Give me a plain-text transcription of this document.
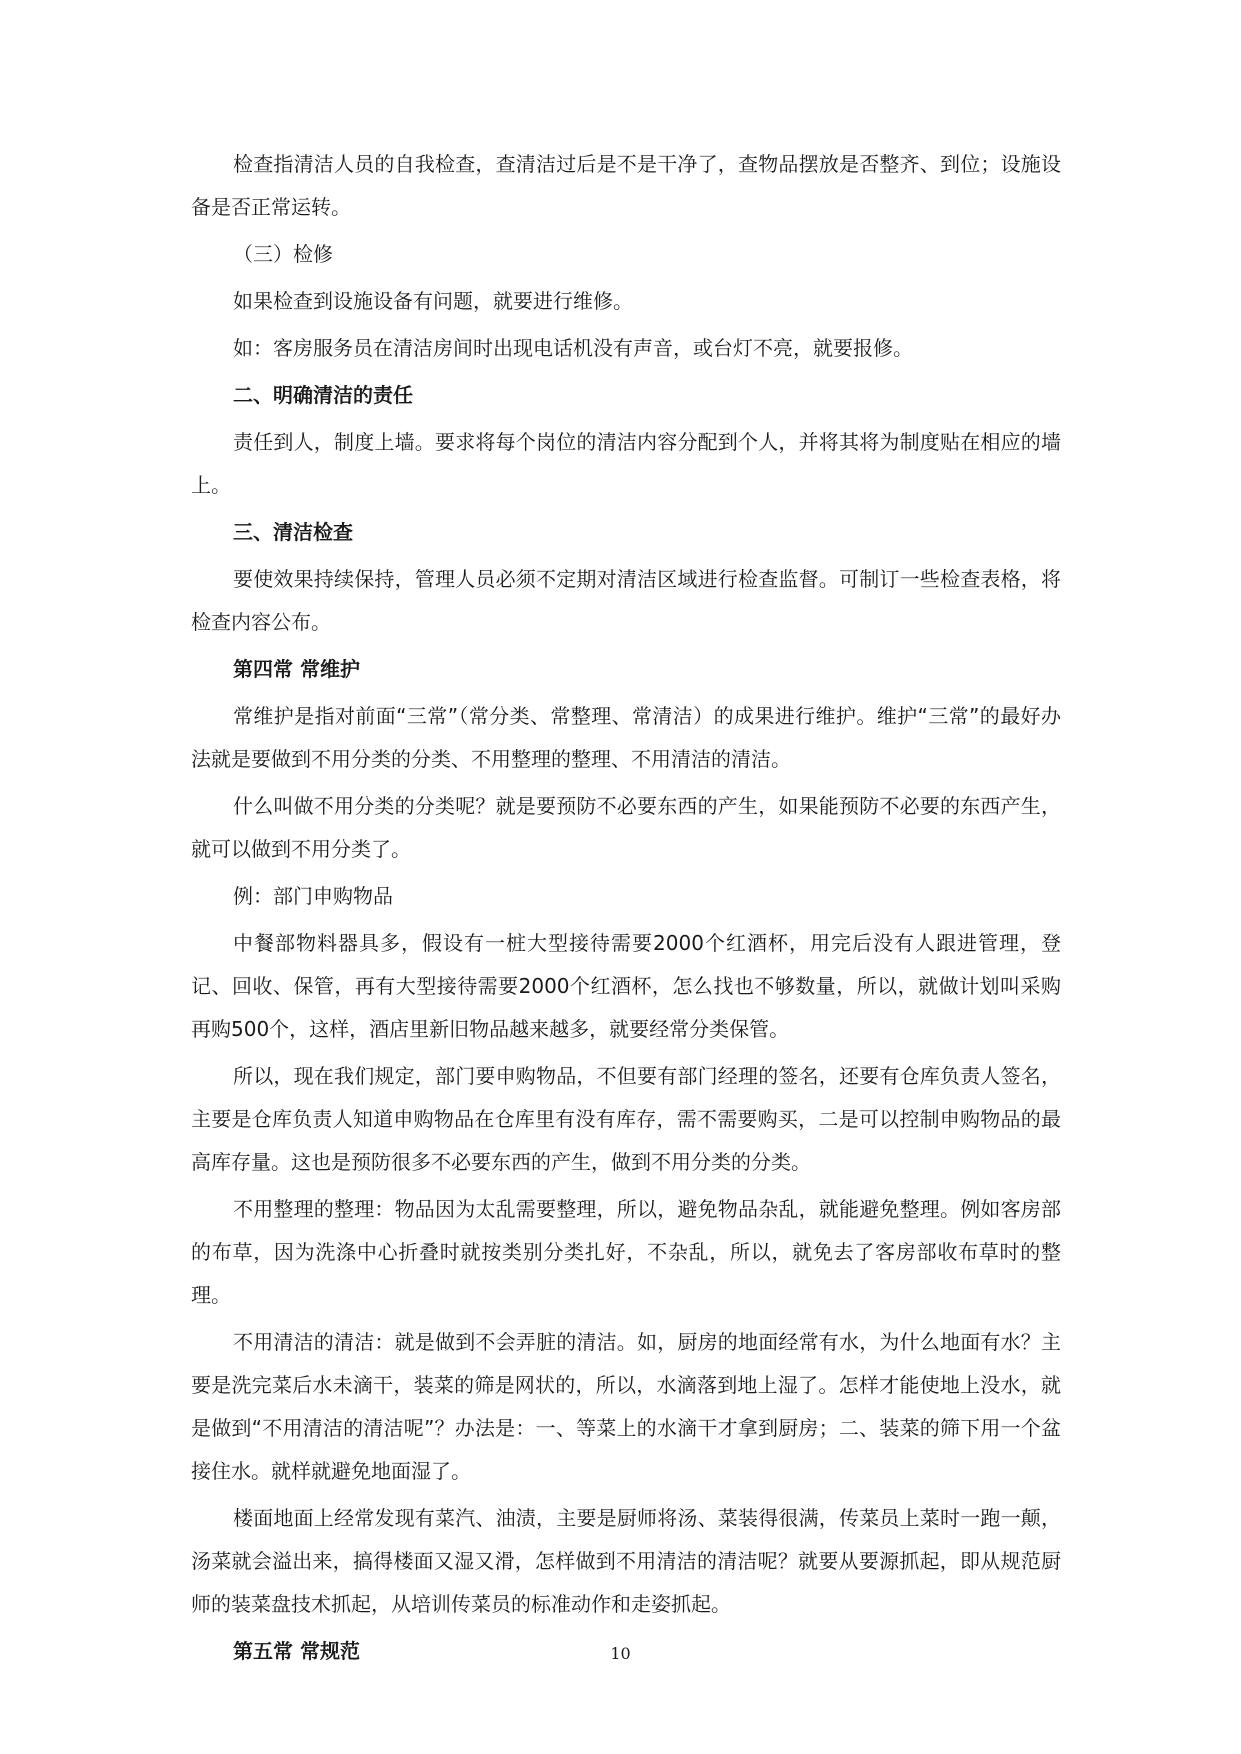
检查指清洁人员的自我检查，查清洁过后是不是干净了，查物品摆放是否整齐、到位；设施设备是否正常运转。

（三）检修

如果检查到设施设备有问题，就要进行维修。

如：客房服务员在清洁房间时出现电话机没有声音，或台灯不亮，就要报修。

二、明确清洁的责任

责任到人，制度上墙。要求将每个岗位的清洁内容分配到个人，并将其将为制度贴在相应的墙上。

三、清洁检查

要使效果持续保持，管理人员必须不定期对清洁区域进行检查监督。可制订一些检查表格，将检查内容公布。

第四常 常维护

常维护是指对前面“三常”（常分类、常整理、常清洁）的成果进行维护。维护“三常”的最好办法就是要做到不用分类的分类、不用整理的整理、不用清洁的清洁。

什么叫做不用分类的分类呢？就是要预防不必要东西的产生，如果能预防不必要的东西产生，就可以做到不用分类了。

例：部门申购物品

中餐部物料器具多，假设有一桩大型接待需要2000个红酒杯，用完后没有人跟进管理，登记、回收、保管，再有大型接待需要2000个红酒杯，怎么找也不够数量，所以，就做计划叫采购再购500个，这样，酒店里新旧物品越来越多，就要经常分类保管。

所以，现在我们规定，部门要申购物品，不但要有部门经理的签名，还要有仓库负责人签名，主要是仓库负责人知道申购物品在仓库里有没有库存，需不需要购买，二是可以控制申购物品的最高库存量。这也是预防很多不必要东西的产生，做到不用分类的分类。

不用整理的整理：物品因为太乱需要整理，所以，避免物品杂乱，就能避免整理。例如客房部的布草，因为洗涤中心折叠时就按类别分类扎好，不杂乱，所以，就免去了客房部收布草时的整理。

不用清洁的清洁：就是做到不会弄脏的清洁。如，厨房的地面经常有水，为什么地面有水？主要是洗完菜后水未滴干，装菜的筛是网状的，所以，水滴落到地上湿了。怎样才能使地上没水，就是做到“不用清洁的清洁呢”？办法是：一、等菜上的水滴干才拿到厨房；二、装菜的筛下用一个盆接住水。就样就避免地面湿了。

楼面地面上经常发现有菜汽、油渍，主要是厨师将汤、菜装得很满，传菜员上菜时一跑一颠，汤菜就会溢出来，搞得楼面又湿又滑，怎样做到不用清洁的清洁呢？就要从要源抓起，即从规范厨师的装菜盘技术抓起，从培训传菜员的标准动作和走姿抓起。

第五常 常规范	10
